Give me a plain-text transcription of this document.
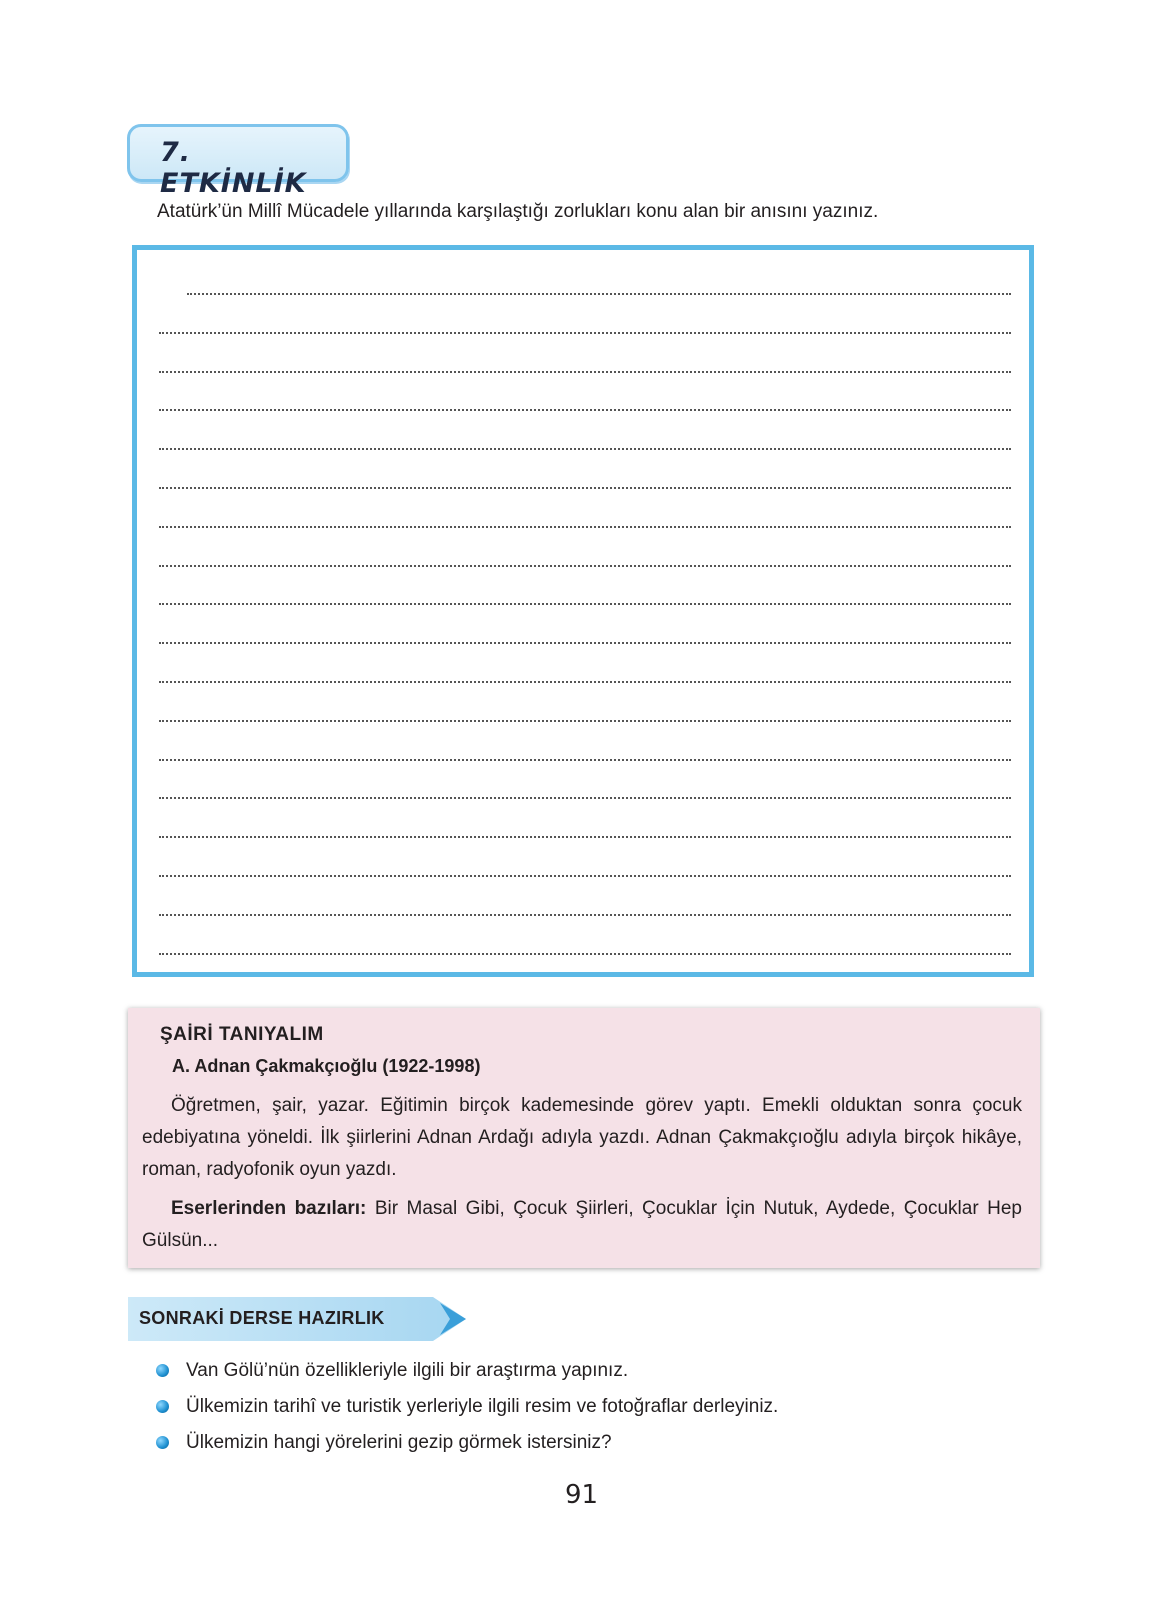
7. ETKİNLİK
Atatürk’ün Millî Mücadele yıllarında karşılaştığı zorlukları konu alan bir anısını yazınız.
ŞAİRİ TANIYALIM
A. Adnan Çakmakçıoğlu (1922-1998)

Öğretmen, şair, yazar. Eğitimin birçok kademesinde görev yaptı. Emekli olduktan sonra çocuk edebiyatına yöneldi. İlk şiirlerini Adnan Ardağı adıyla yazdı. Adnan Çakmakçıoğlu adıyla birçok hikâye, roman, radyofonik oyun yazdı.

Eserlerinden bazıları: Bir Masal Gibi, Çocuk Şiirleri, Çocuklar İçin Nutuk, Aydede, Çocuklar Hep Gülsün...

SONRAKİ DERSE HAZIRLIK
Van Gölü’nün özellikleriyle ilgili bir araştırma yapınız.
Ülkemizin tarihî ve turistik yerleriyle ilgili resim ve fotoğraflar derleyiniz.
Ülkemizin hangi yörelerini gezip görmek istersiniz?
91
